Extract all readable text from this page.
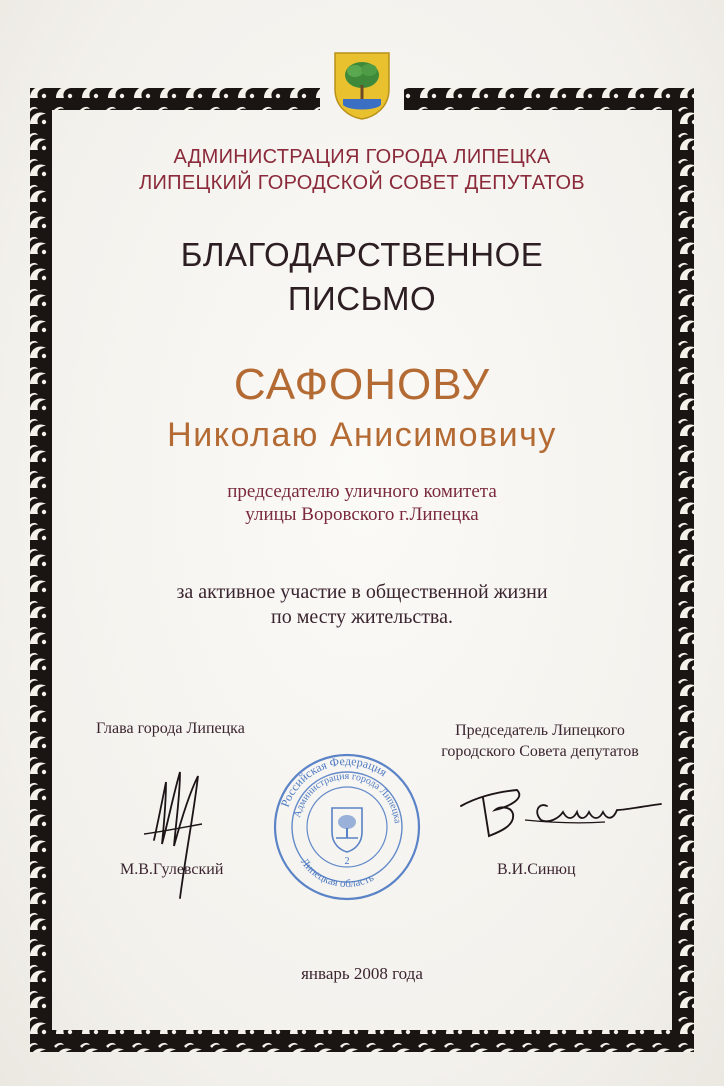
АДМИНИСТРАЦИЯ ГОРОДА ЛИПЕЦКА
ЛИПЕЦКИЙ ГОРОДСКОЙ СОВЕТ ДЕПУТАТОВ
БЛАГОДАРСТВЕННОЕ
ПИСЬМО
САФОНОВУ
Николаю Анисимовичу
председателю уличного комитета
улицы Воровского г.Липецка
за активное участие в общественной жизни
по месту жительства.
Глава города Липецка	Председатель Липецкого
городского Совета депутатов
Российская Федерация
Администрация города Липецка
Липецкая область
2
М.В.Гулевский	В.И.Синюц
январь 2008 года
